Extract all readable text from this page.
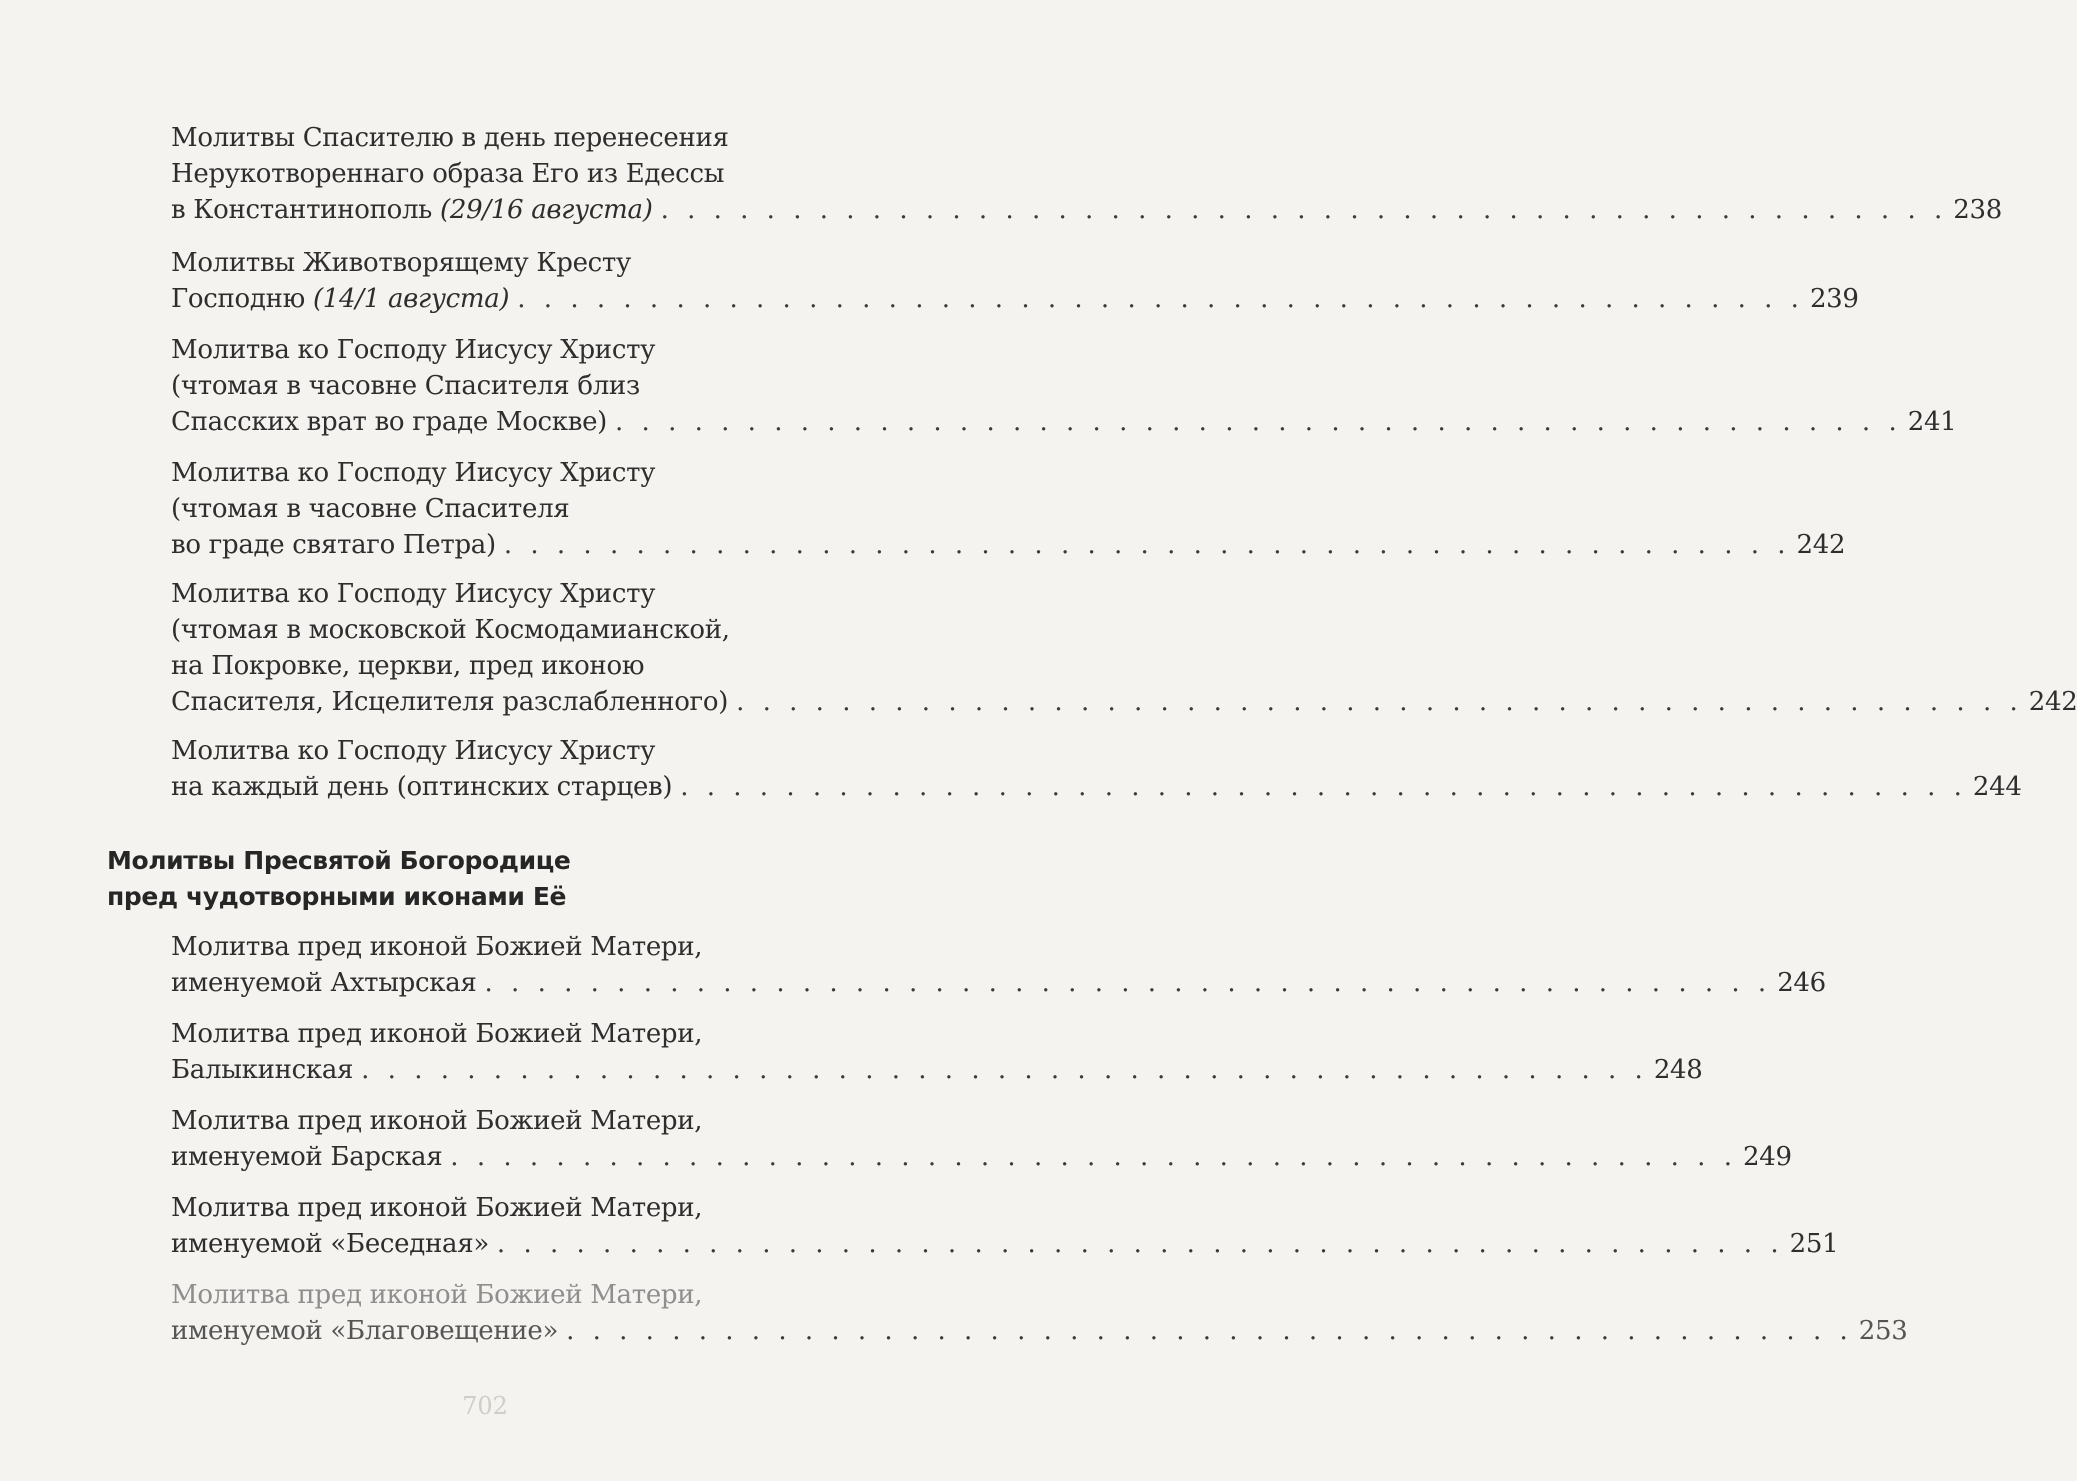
Молитвы Спасителю в день перенесения
Нерукотвореннаго образа Его из Едессы
в Константинополь (29/16 августа) . . . . . . . . . . . . . . . . . . . . . . . . . . . . . . . . . . . . . . . . . . . . . . . . . 238
Молитвы Животворящему Кресту
Господню (14/1 августа) . . . . . . . . . . . . . . . . . . . . . . . . . . . . . . . . . . . . . . . . . . . . . . . . . 239
Молитва ко Господу Иисусу Христу
(чтомая в часовне Спасителя близ
Спасских врат во граде Москве) . . . . . . . . . . . . . . . . . . . . . . . . . . . . . . . . . . . . . . . . . . . . . . . . . 241
Молитва ко Господу Иисусу Христу
(чтомая в часовне Спасителя
во граде святаго Петра) . . . . . . . . . . . . . . . . . . . . . . . . . . . . . . . . . . . . . . . . . . . . . . . . . 242
Молитва ко Господу Иисусу Христу
(чтомая в московской Космодамианской,
на Покровке, церкви, пред иконою
Спасителя, Исцелителя разслабленного) . . . . . . . . . . . . . . . . . . . . . . . . . . . . . . . . . . . . . . . . . . . . . . . . . 242
Молитва ко Господу Иисусу Христу
на каждый день (оптинских старцев) . . . . . . . . . . . . . . . . . . . . . . . . . . . . . . . . . . . . . . . . . . . . . . . . . 244
Молитвы Пресвятой Богородице
пред чудотворными иконами Её
Молитва пред иконой Божией Матери,
именуемой Ахтырская . . . . . . . . . . . . . . . . . . . . . . . . . . . . . . . . . . . . . . . . . . . . . . . . . 246
Молитва пред иконой Божией Матери,
Балыкинская . . . . . . . . . . . . . . . . . . . . . . . . . . . . . . . . . . . . . . . . . . . . . . . . . 248
Молитва пред иконой Божией Матери,
именуемой Барская . . . . . . . . . . . . . . . . . . . . . . . . . . . . . . . . . . . . . . . . . . . . . . . . . 249
Молитва пред иконой Божией Матери,
именуемой «Беседная» . . . . . . . . . . . . . . . . . . . . . . . . . . . . . . . . . . . . . . . . . . . . . . . . . 251
Молитва пред иконой Божией Матери,
именуемой «Благовещение» . . . . . . . . . . . . . . . . . . . . . . . . . . . . . . . . . . . . . . . . . . . . . . . . . 253
702
